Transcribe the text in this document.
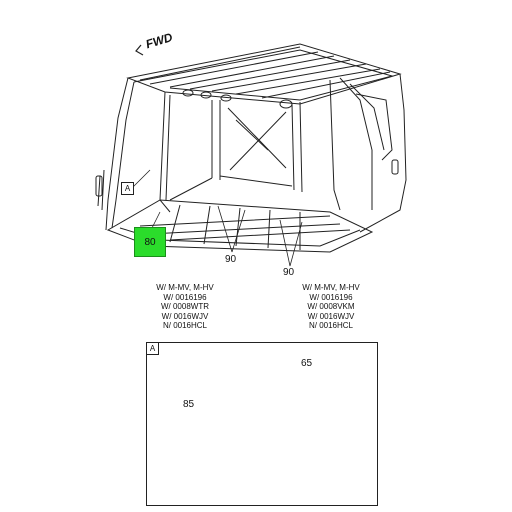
FWD
A
80
90
90
W/ M-MV, M-HV
W/ 0016196
W/ 0008WTR
W/ 0016WJV
N/ 0016HCL
W/ M-MV, M-HV
W/ 0016196
W/ 0008VKM
W/ 0016WJV
N/ 0016HCL
A
65
85
